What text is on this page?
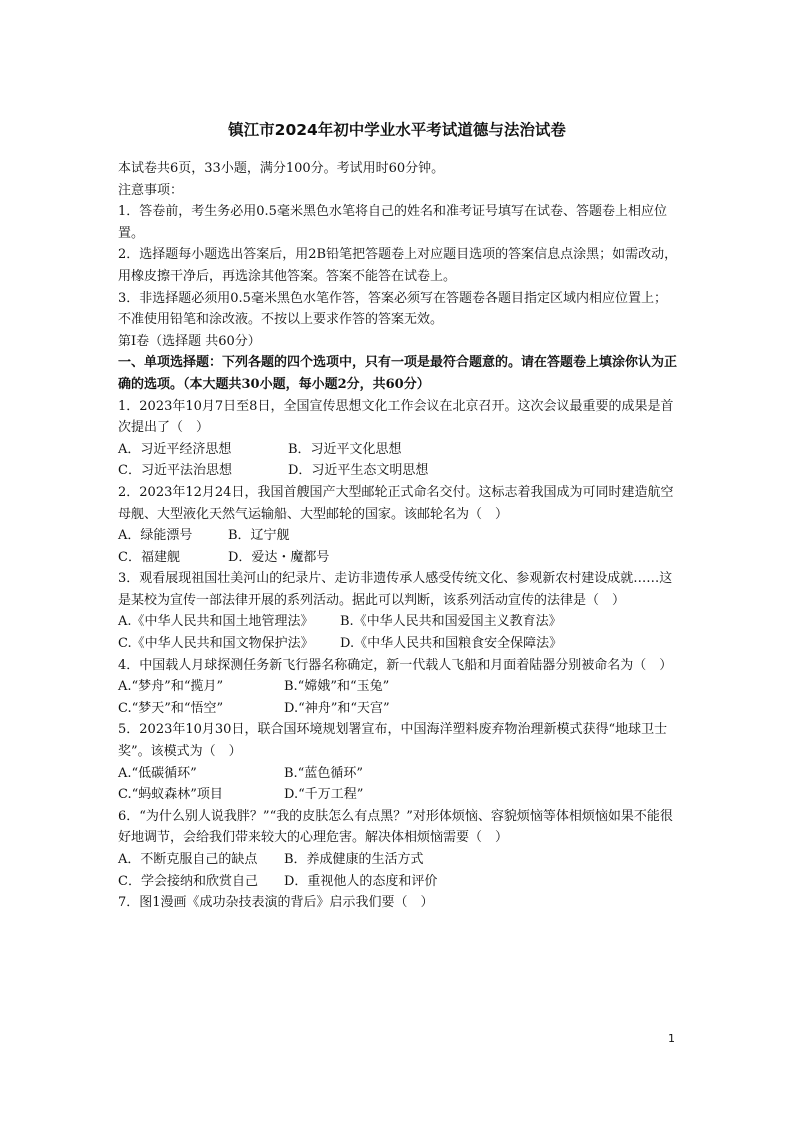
镇江市2024年初中学业水平考试道德与法治试卷

本试卷共6页，33小题，满分100分。考试用时60分钟。

注意事项：

1．答卷前，考生务必用0.5毫米黑色水笔将自己的姓名和准考证号填写在试卷、答题卷上相应位置。

2．选择题每小题选出答案后，用2B铅笔把答题卷上对应题目选项的答案信息点涂黑；如需改动，用橡皮擦干净后，再选涂其他答案。答案不能答在试卷上。

3．非选择题必须用0.5毫米黑色水笔作答，答案必须写在答题卷各题目指定区域内相应位置上；不准使用铅笔和涂改液。不按以上要求作答的答案无效。

第Ⅰ卷（选择题 共60分）

一、单项选择题：下列各题的四个选项中，只有一项是最符合题意的。请在答题卷上填涂你认为正确的选项。（本大题共30小题，每小题2分，共60分）

1．2023年10月7日至8日，全国宣传思想文化工作会议在北京召开。这次会议最重要的成果是首次提出了（　）

A．习近平经济思想	B．习近平文化思想
C．习近平法治思想	D．习近平生态文明思想

2．2023年12月24日，我国首艘国产大型邮轮正式命名交付。这标志着我国成为可同时建造航空母舰、大型液化天然气运输船、大型邮轮的国家。该邮轮名为（　）

A．绿能漂号	B．辽宁舰
C．福建舰	D．爱达・魔都号

3．观看展现祖国壮美河山的纪录片、走访非遗传承人感受传统文化、参观新农村建设成就……这是某校为宣传一部法律开展的系列活动。据此可以判断，该系列活动宣传的法律是（　）

A.《中华人民共和国土地管理法》	B.《中华人民共和国爱国主义教育法》
C.《中华人民共和国文物保护法》	D.《中华人民共和国粮食安全保障法》

4．中国载人月球探测任务新飞行器名称确定，新一代载人飞船和月面着陆器分别被命名为（　）

A.“梦舟”和“揽月”	B.“嫦娥”和“玉兔”
C.“梦天”和“悟空”	D.“神舟”和“天宫”

5．2023年10月30日，联合国环境规划署宣布，中国海洋塑料废弃物治理新模式获得“地球卫士奖”。该模式为（　）

A.“低碳循环”	B.“蓝色循环”
C.“蚂蚁森林”项目	D.“千万工程”

6．“为什么别人说我胖？”“我的皮肤怎么有点黑？”对形体烦恼、容貌烦恼等体相烦恼如果不能很好地调节，会给我们带来较大的心理危害。解决体相烦恼需要（　）

A．不断克服自己的缺点	B．养成健康的生活方式
C．学会接纳和欣赏自己	D．重视他人的态度和评价

7．图1漫画《成功杂技表演的背后》启示我们要（　）

1
